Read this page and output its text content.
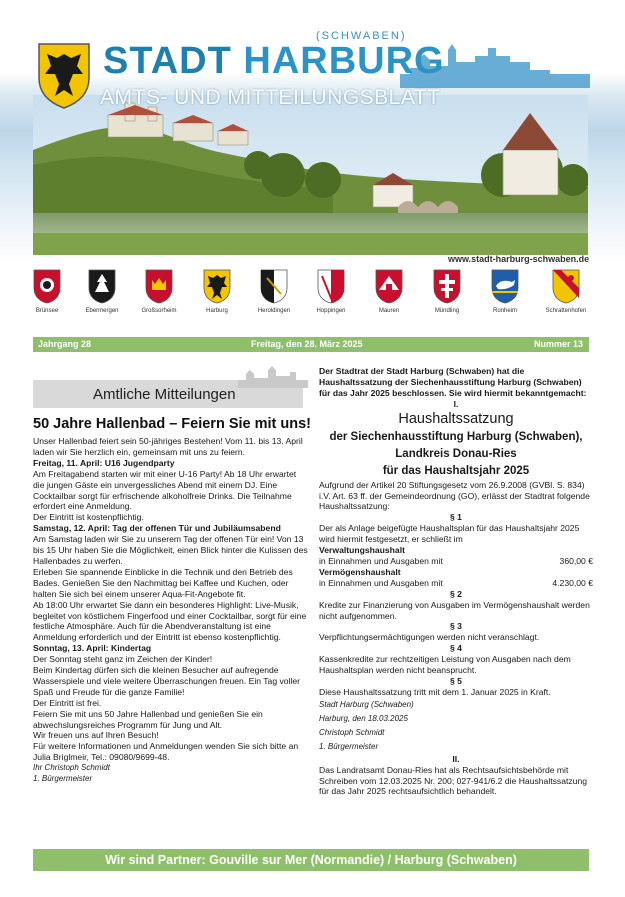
STADT HARBURG
(SCHWABEN)
AMTS- UND MITTEILUNGSBLATT
www.stadt-harburg-schwaben.de
Brünsee	Ebermergen	Großsorheim	Harburg	Heroldingen	Hoppingen	Mauren	Mündling	Ronheim	Schrattenhofen
Jahrgang 28	Freitag, den 28. März 2025	Nummer 13
Amtliche Mitteilungen
50 Jahre Hallenbad – Feiern Sie mit uns!

Unser Hallenbad feiert sein 50-jähriges Bestehen! Vom 11. bis 13. April laden wir Sie herzlich ein, gemeinsam mit uns zu feiern.

Freitag, 11. April: U16 Jugendparty

Am Freitagabend starten wir mit einer U-16 Party! Ab 18 Uhr erwartet die jungen Gäste ein unvergessliches Abend mit einem DJ. Eine Cocktailbar sorgt für erfrischende alkoholfreie Drinks. Die Teilnahme erfordert eine Anmeldung.

Der Eintritt ist kostenpflichtig.

Samstag, 12. April: Tag der offenen Tür und Jubiläumsabend

Am Samstag laden wir Sie zu unserem Tag der offenen Tür ein! Von 13 bis 15 Uhr haben Sie die Möglichkeit, einen Blick hinter die Kulissen des Hallenbades zu werfen.

Erleben Sie spannende Einblicke in die Technik und den Betrieb des Bades. Genießen Sie den Nachmittag bei Kaffee und Kuchen, oder halten Sie sich bei einem unserer Aqua-Fit-Angebote fit.

Ab 18:00 Uhr erwartet Sie dann ein besonderes Highlight: Live-Musik, begleitet von köstlichem Fingerfood und einer Cocktailbar, sorgt für eine festliche Atmosphäre. Auch für die Abendveranstaltung ist eine Anmeldung erforderlich und der Eintritt ist ebenso kostenpflichtig.

Sonntag, 13. April: Kindertag

Der Sonntag steht ganz im Zeichen der Kinder!

Beim Kindertag dürfen sich die kleinen Besucher auf aufregende Wasserspiele und viele weitere Überraschungen freuen. Ein Tag voller Spaß und Freude für die ganze Familie!

Der Eintritt ist frei.

Feiern Sie mit uns 50 Jahre Hallenbad und genießen Sie ein abwechslungsreiches Programm für Jung und Alt.

Wir freuen uns auf Ihren Besuch!

Für weitere Informationen und Anmeldungen wenden Sie sich bitte an Julia Briglmeir, Tel.: 09080/9699-48.

Ihr Christoph Schmidt

1. Bürgermeister

Der Stadtrat der Stadt Harburg (Schwaben) hat die Haushaltssatzung der Siechenhausstiftung Harburg (Schwaben) für das Jahr 2025 beschlossen. Sie wird hiermit bekanntgemacht:

I.

Haushaltssatzung
der Siechenhausstiftung Harburg (Schwaben),
Landkreis Donau-Ries
für das Haushaltsjahr 2025

Aufgrund der Artikel 20 Stiftungsgesetz vom 26.9.2008 (GVBl. S. 834) i.V. Art. 63 ff. der Gemeindeordnung (GO), erlässt der Stadtrat folgende Haushaltssatzung:

§ 1

Der als Anlage beigefügte Haushaltsplan für das Haushaltsjahr 2025 wird hiermit festgesetzt, er schließt im

Verwaltungshaushalt

in Einnahmen und Ausgaben mit	360,00 €

Vermögenshaushalt

in Einnahmen und Ausgaben mit	4.230,00 €

§ 2

Kredite zur Finanzierung von Ausgaben im Vermögenshaushalt werden nicht aufgenommen.

§ 3

Verpflichtungsermächtigungen werden nicht veranschlagt.

§ 4

Kassenkredite zur rechtzeitigen Leistung von Ausgaben nach dem Haushaltsplan werden nicht beansprucht.

§ 5

Diese Haushaltssatzung tritt mit dem 1. Januar 2025 in Kraft.

Stadt Harburg (Schwaben)

Harburg, den 18.03.2025

Christoph Schmidt

1. Bürgermeister

II.

Das Landratsamt Donau-Ries hat als Rechtsaufsichtsbehörde mit Schreiben vom 12.03.2025 Nr. 200; 027-941/6.2 die Haushaltssatzung für das Jahr 2025 rechtsaufsichtlich behandelt.

Wir sind Partner: Gouville sur Mer (Normandie) / Harburg (Schwaben)
